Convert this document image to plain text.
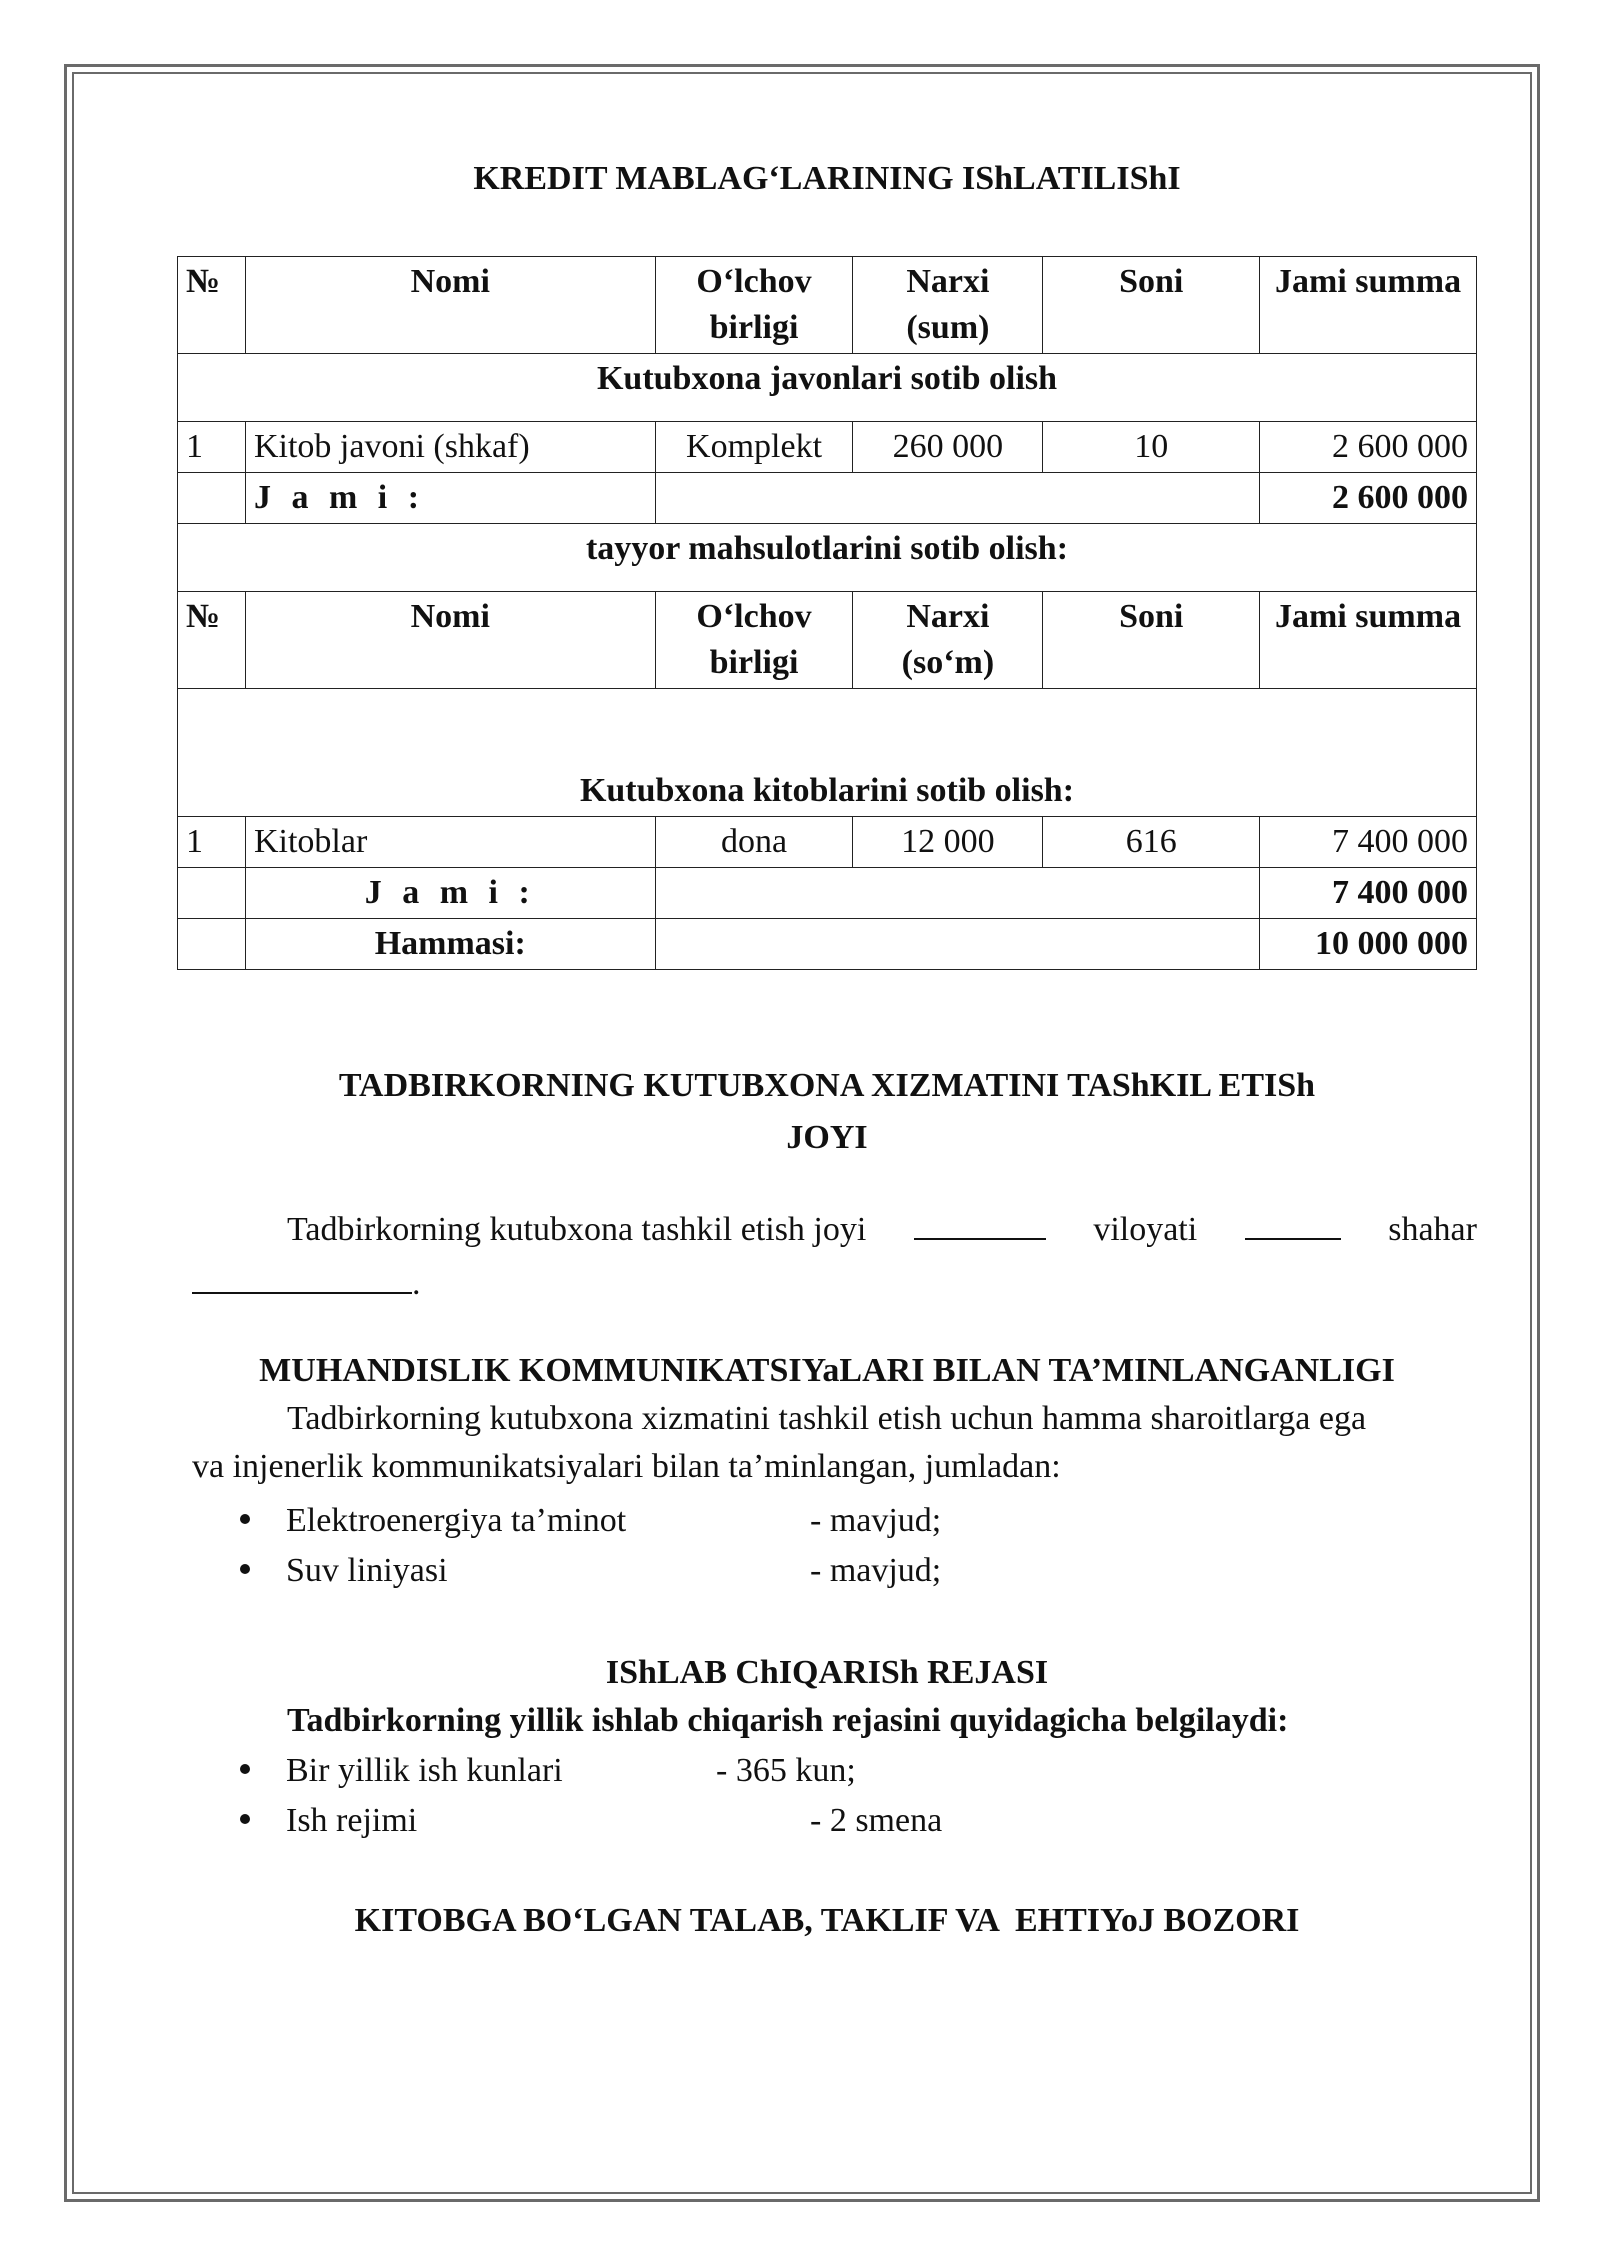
KREDIT MABLAG‘LARINING IShLATILIShI
№	Nomi	O‘lchov birligi	Narxi (sum)	Soni	Jami summa
Kutubxona javonlari sotib olish					
1	Kitob javoni (shkaf)	Komplekt	260 000	10	2 600 000
	J a m i :				2 600 000
tayyor mahsulotlarini sotib olish:					
№	Nomi	O‘lchov birligi	Narxi (so‘m)	Soni	Jami summa
Kutubxona kitoblarini sotib olish:					
1	Kitoblar	dona	12 000	616	7 400 000
	J a m i :				7 400 000
	Hammasi:				10 000 000
TADBIRKORNING KUTUBXONA XIZMATINI TAShKIL ETISh
JOYI
Tadbirkorning kutubxona tashkil etish joyi	viloyati	shahar
.
MUHANDISLIK KOMMUNIKATSIYaLARI BILAN TA’MINLANGANLIGI
Tadbirkorning kutubxona xizmatini tashkil etish uchun hamma sharoitlarga ega
va injenerlik kommunikatsiyalari bilan ta’minlangan, jumladan:
Elektroenergiya ta’minot	- mavjud;
Suv liniyasi	- mavjud;
IShLAB ChIQARISh REJASI
Tadbirkorning yillik ishlab chiqarish rejasini quyidagicha belgilaydi:
Bir yillik ish kunlari	- 365 kun;
Ish rejimi	- 2 smena
KITOBGA BO‘LGAN TALAB, TAKLIF VA  EHTIYoJ BOZORI
